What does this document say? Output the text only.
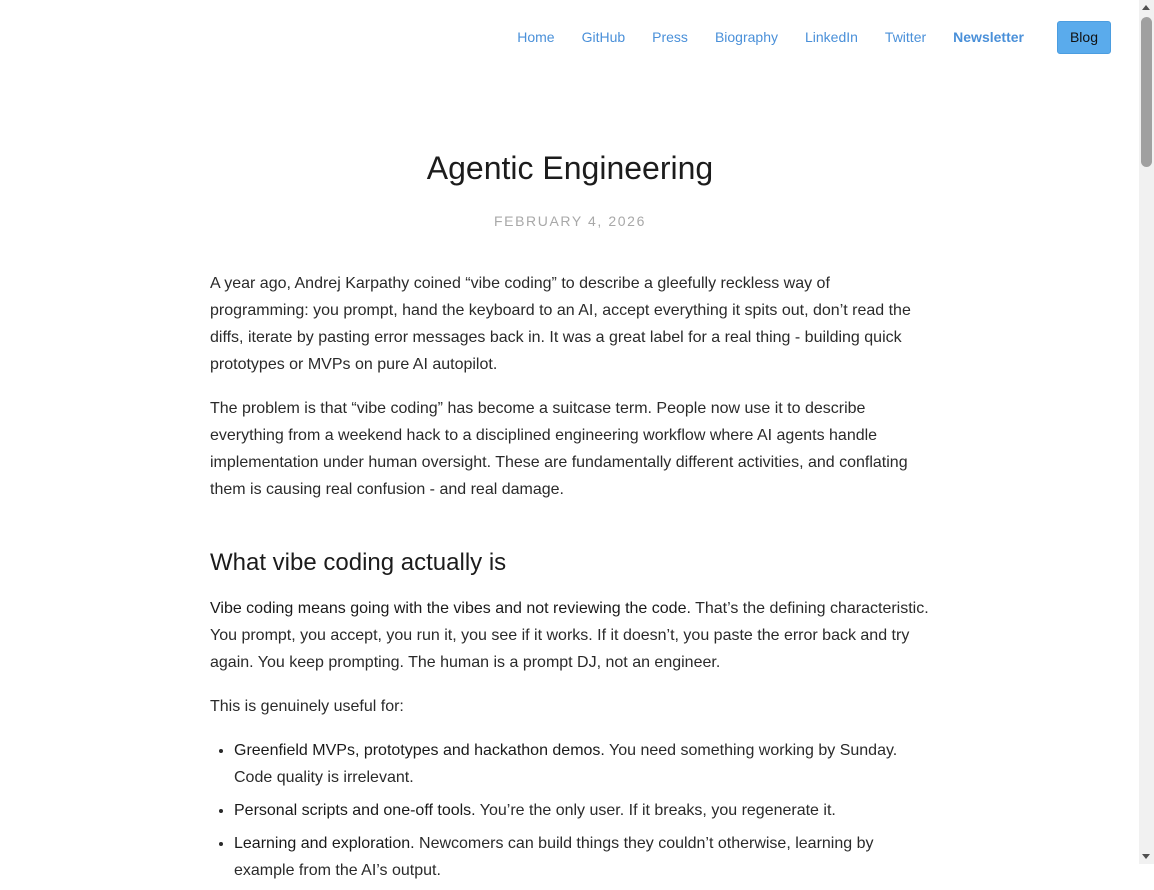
Home GitHub Press Biography LinkedIn Twitter Newsletter	Blog
Agentic Engineering
FEBRUARY 4, 2026

A year ago, Andrej Karpathy coined “vibe coding” to describe a gleefully reckless way of programming: you prompt, hand the keyboard to an AI, accept everything it spits out, don’t read the diffs, iterate by pasting error messages back in. It was a great label for a real thing - building quick prototypes or MVPs on pure AI autopilot.

The problem is that “vibe coding” has become a suitcase term. People now use it to describe everything from a weekend hack to a disciplined engineering workflow where AI agents handle implementation under human oversight. These are fundamentally different activities, and conflating them is causing real confusion - and real damage.

What vibe coding actually is

Vibe coding means going with the vibes and not reviewing the code. That’s the defining characteristic. You prompt, you accept, you run it, you see if it works. If it doesn’t, you paste the error back and try again. You keep prompting. The human is a prompt DJ, not an engineer.

This is genuinely useful for:

• Greenfield MVPs, prototypes and hackathon demos. You need something working by Sunday. Code quality is irrelevant.
• Personal scripts and one-off tools. You’re the only user. If it breaks, you regenerate it.
• Learning and exploration. Newcomers can build things they couldn’t otherwise, learning by example from the AI’s output.
